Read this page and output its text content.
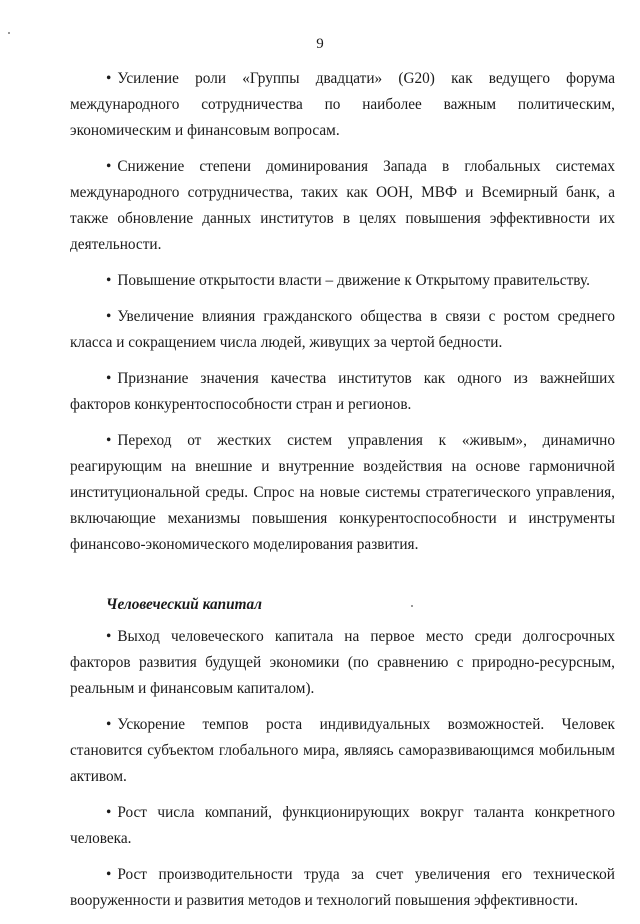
9

• Усиление роли «Группы двадцати» (G20) как ведущего форума международного сотрудничества по наиболее важным политическим, экономическим и финансовым вопросам.

• Снижение степени доминирования Запада в глобальных системах международного сотрудничества, таких как ООН, МВФ и Всемирный банк, а также обновление данных институтов в целях повышения эффективности их деятельности.

• Повышение открытости власти – движение к Открытому правительству.

• Увеличение влияния гражданского общества в связи с ростом среднего класса и сокращением числа людей, живущих за чертой бедности.

• Признание значения качества институтов как одного из важнейших факторов конкурентоспособности стран и регионов.

• Переход от жестких систем управления к «живым», динамично реагирующим на внешние и внутренние воздействия на основе гармоничной институциональной среды. Спрос на новые системы стратегического управления, включающие механизмы повышения конкурентоспособности и инструменты финансово-экономического моделирования развития.

Человеческий капитал

• Выход человеческого капитала на первое место среди долгосрочных факторов развития будущей экономики (по сравнению с природно-ресурсным, реальным и финансовым капиталом).

• Ускорение темпов роста индивидуальных возможностей. Человек становится субъектом глобального мира, являясь саморазвивающимся мобильным активом.

• Рост числа компаний, функционирующих вокруг таланта конкретного человека.

• Рост производительности труда за счет увеличения его технической вооруженности и развития методов и технологий повышения эффективности.
